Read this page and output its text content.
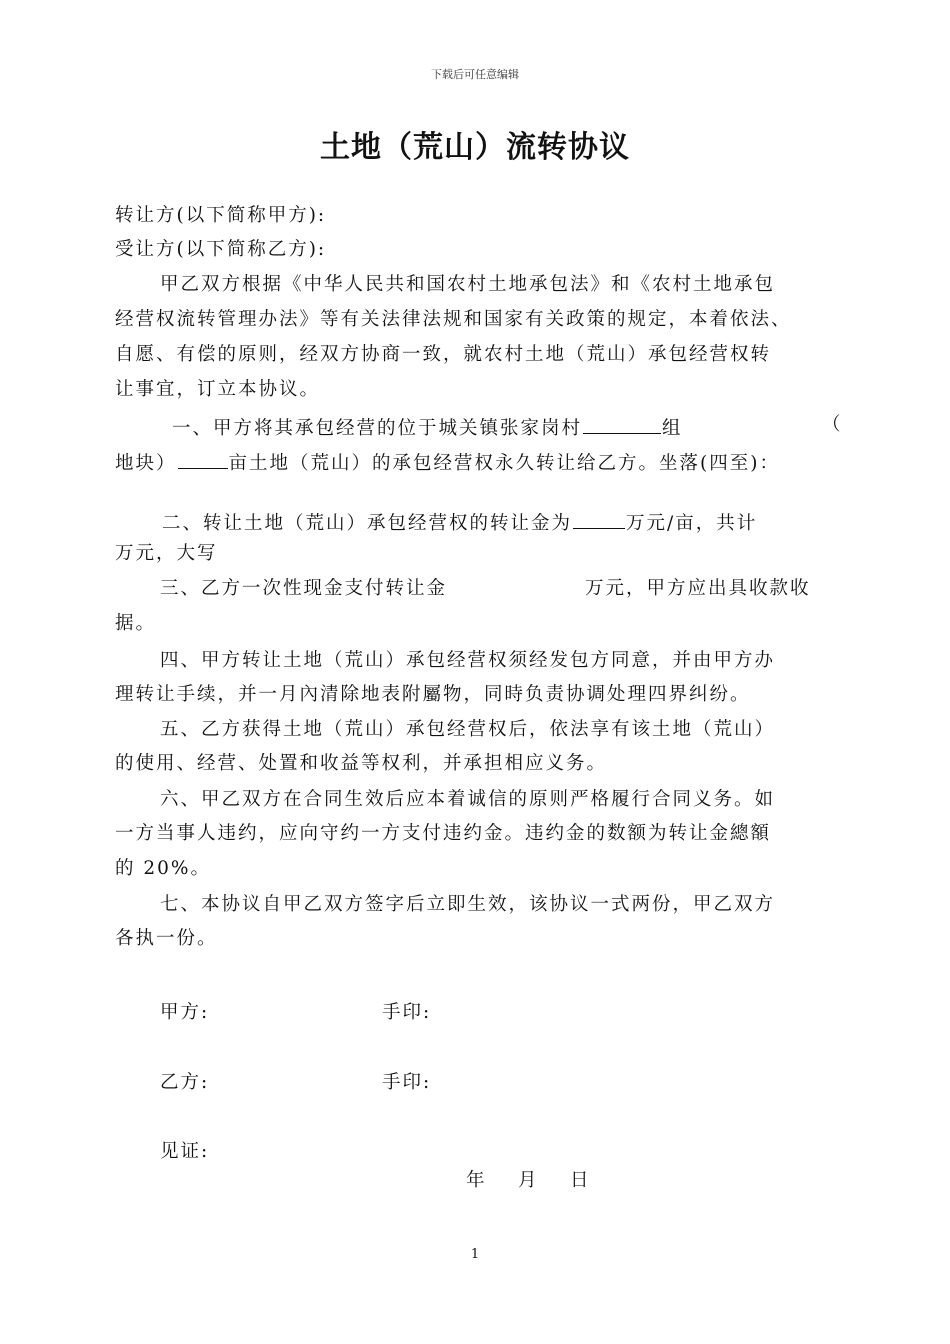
下载后可任意编辑
土地（荒山）流转协议
转让方(以下简称甲方):
受让方(以下简称乙方):
甲乙双方根据《中华人民共和国农村土地承包法》和《农村土地承包
经营权流转管理办法》等有关法律法规和国家有关政策的规定，本着依法、
自愿、有偿的原则，经双方协商一致，就农村土地（荒山）承包经营权转
让事宜，订立本协议。
一、甲方将其承包经营的位于城关镇张家岗村	组	（
地块）	亩土地（荒山）的承包经营权永久转让给乙方。坐落(四至)：
二、转让土地（荒山）承包经营权的转让金为	万元/亩，共计
万元，大写
三、乙方一次性现金支付转让金	万元，甲方应出具收款收
据。
四、甲方转让土地（荒山）承包经营权须经发包方同意，并由甲方办
理转让手续，并一月內清除地表附屬物，同時负责协调处理四界纠纷。
五、乙方获得土地（荒山）承包经营权后，依法享有该土地（荒山）
的使用、经营、处置和收益等权利，并承担相应义务。
六、甲乙双方在合同生效后应本着诚信的原则严格履行合同义务。如
一方当事人违约，应向守约一方支付违约金。违约金的数额为转让金總額
的 20%。
七、本协议自甲乙双方签字后立即生效，该协议一式两份，甲乙双方
各执一份。
甲方:	手印:
乙方:	手印:
见证:
年    月    日
1
